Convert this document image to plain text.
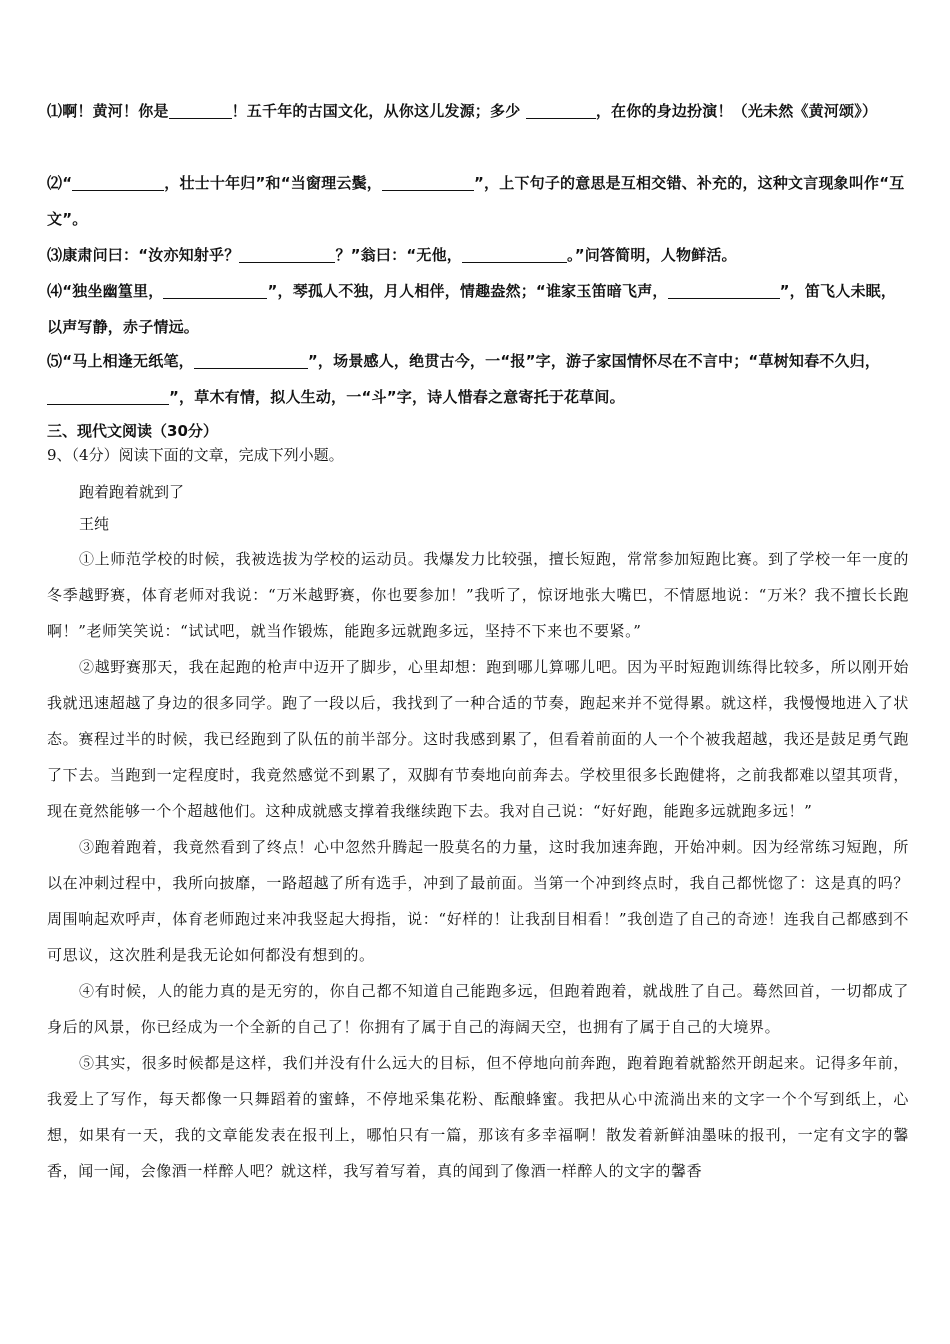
⑴啊！黄河！你是	！五千年的古国文化，从你这儿发源；多少	，在你的身边扮演！（光未然《黄河颂》）
⑵“	，壮士十年归”和“当窗理云鬓，	”，上下句子的意思是互相交错、补充的，这种文言现象叫作“互文”。
⑶康肃问曰：“汝亦知射乎？	？”翁曰：“无他，	。”问答简明，人物鲜活。
⑷“独坐幽篁里，	”，琴孤人不独，月人相伴，情趣盎然；“谁家玉笛暗飞声，	”，笛飞人未眠，以声写静，赤子情远。
⑸“马上相逢无纸笔，	”，场景感人，绝贯古今，一“报”字，游子家国情怀尽在不言中；“草树知春不久归，”，草木有情，拟人生动，一“斗”字，诗人惜春之意寄托于花草间。
三、现代文阅读（30分）
9、（4分）阅读下面的文章，完成下列小题。
跑着跑着就到了
王纯

①上师范学校的时候，我被选拔为学校的运动员。我爆发力比较强，擅长短跑，常常参加短跑比赛。到了学校一年一度的冬季越野赛，体育老师对我说：“万米越野赛，你也要参加！”我听了，惊讶地张大嘴巴，不情愿地说：“万米？我不擅长长跑啊！”老师笑笑说：“试试吧，就当作锻炼，能跑多远就跑多远，坚持不下来也不要紧。”

②越野赛那天，我在起跑的枪声中迈开了脚步，心里却想：跑到哪儿算哪儿吧。因为平时短跑训练得比较多，所以刚开始我就迅速超越了身边的很多同学。跑了一段以后，我找到了一种合适的节奏，跑起来并不觉得累。就这样，我慢慢地进入了状态。赛程过半的时候，我已经跑到了队伍的前半部分。这时我感到累了，但看着前面的人一个个被我超越，我还是鼓足勇气跑了下去。当跑到一定程度时，我竟然感觉不到累了，双脚有节奏地向前奔去。学校里很多长跑健将，之前我都难以望其项背，现在竟然能够一个个超越他们。这种成就感支撑着我继续跑下去。我对自己说：“好好跑，能跑多远就跑多远！”

③跑着跑着，我竟然看到了终点！心中忽然升腾起一股莫名的力量，这时我加速奔跑，开始冲刺。因为经常练习短跑，所以在冲刺过程中，我所向披靡，一路超越了所有选手，冲到了最前面。当第一个冲到终点时，我自己都恍惚了：这是真的吗？周围响起欢呼声，体育老师跑过来冲我竖起大拇指，说：“好样的！让我刮目相看！”我创造了自己的奇迹！连我自己都感到不可思议，这次胜利是我无论如何都没有想到的。

④有时候，人的能力真的是无穷的，你自己都不知道自己能跑多远，但跑着跑着，就战胜了自己。蓦然回首，一切都成了身后的风景，你已经成为一个全新的自己了！你拥有了属于自己的海阔天空，也拥有了属于自己的大境界。

⑤其实，很多时候都是这样，我们并没有什么远大的目标，但不停地向前奔跑，跑着跑着就豁然开朗起来。记得多年前，我爱上了写作，每天都像一只舞蹈着的蜜蜂，不停地采集花粉、酝酿蜂蜜。我把从心中流淌出来的文字一个个写到纸上，心想，如果有一天，我的文章能发表在报刊上，哪怕只有一篇，那该有多幸福啊！散发着新鲜油墨味的报刊，一定有文字的馨香，闻一闻，会像酒一样醉人吧？就这样，我写着写着，真的闻到了像酒一样醉人的文字的馨香
